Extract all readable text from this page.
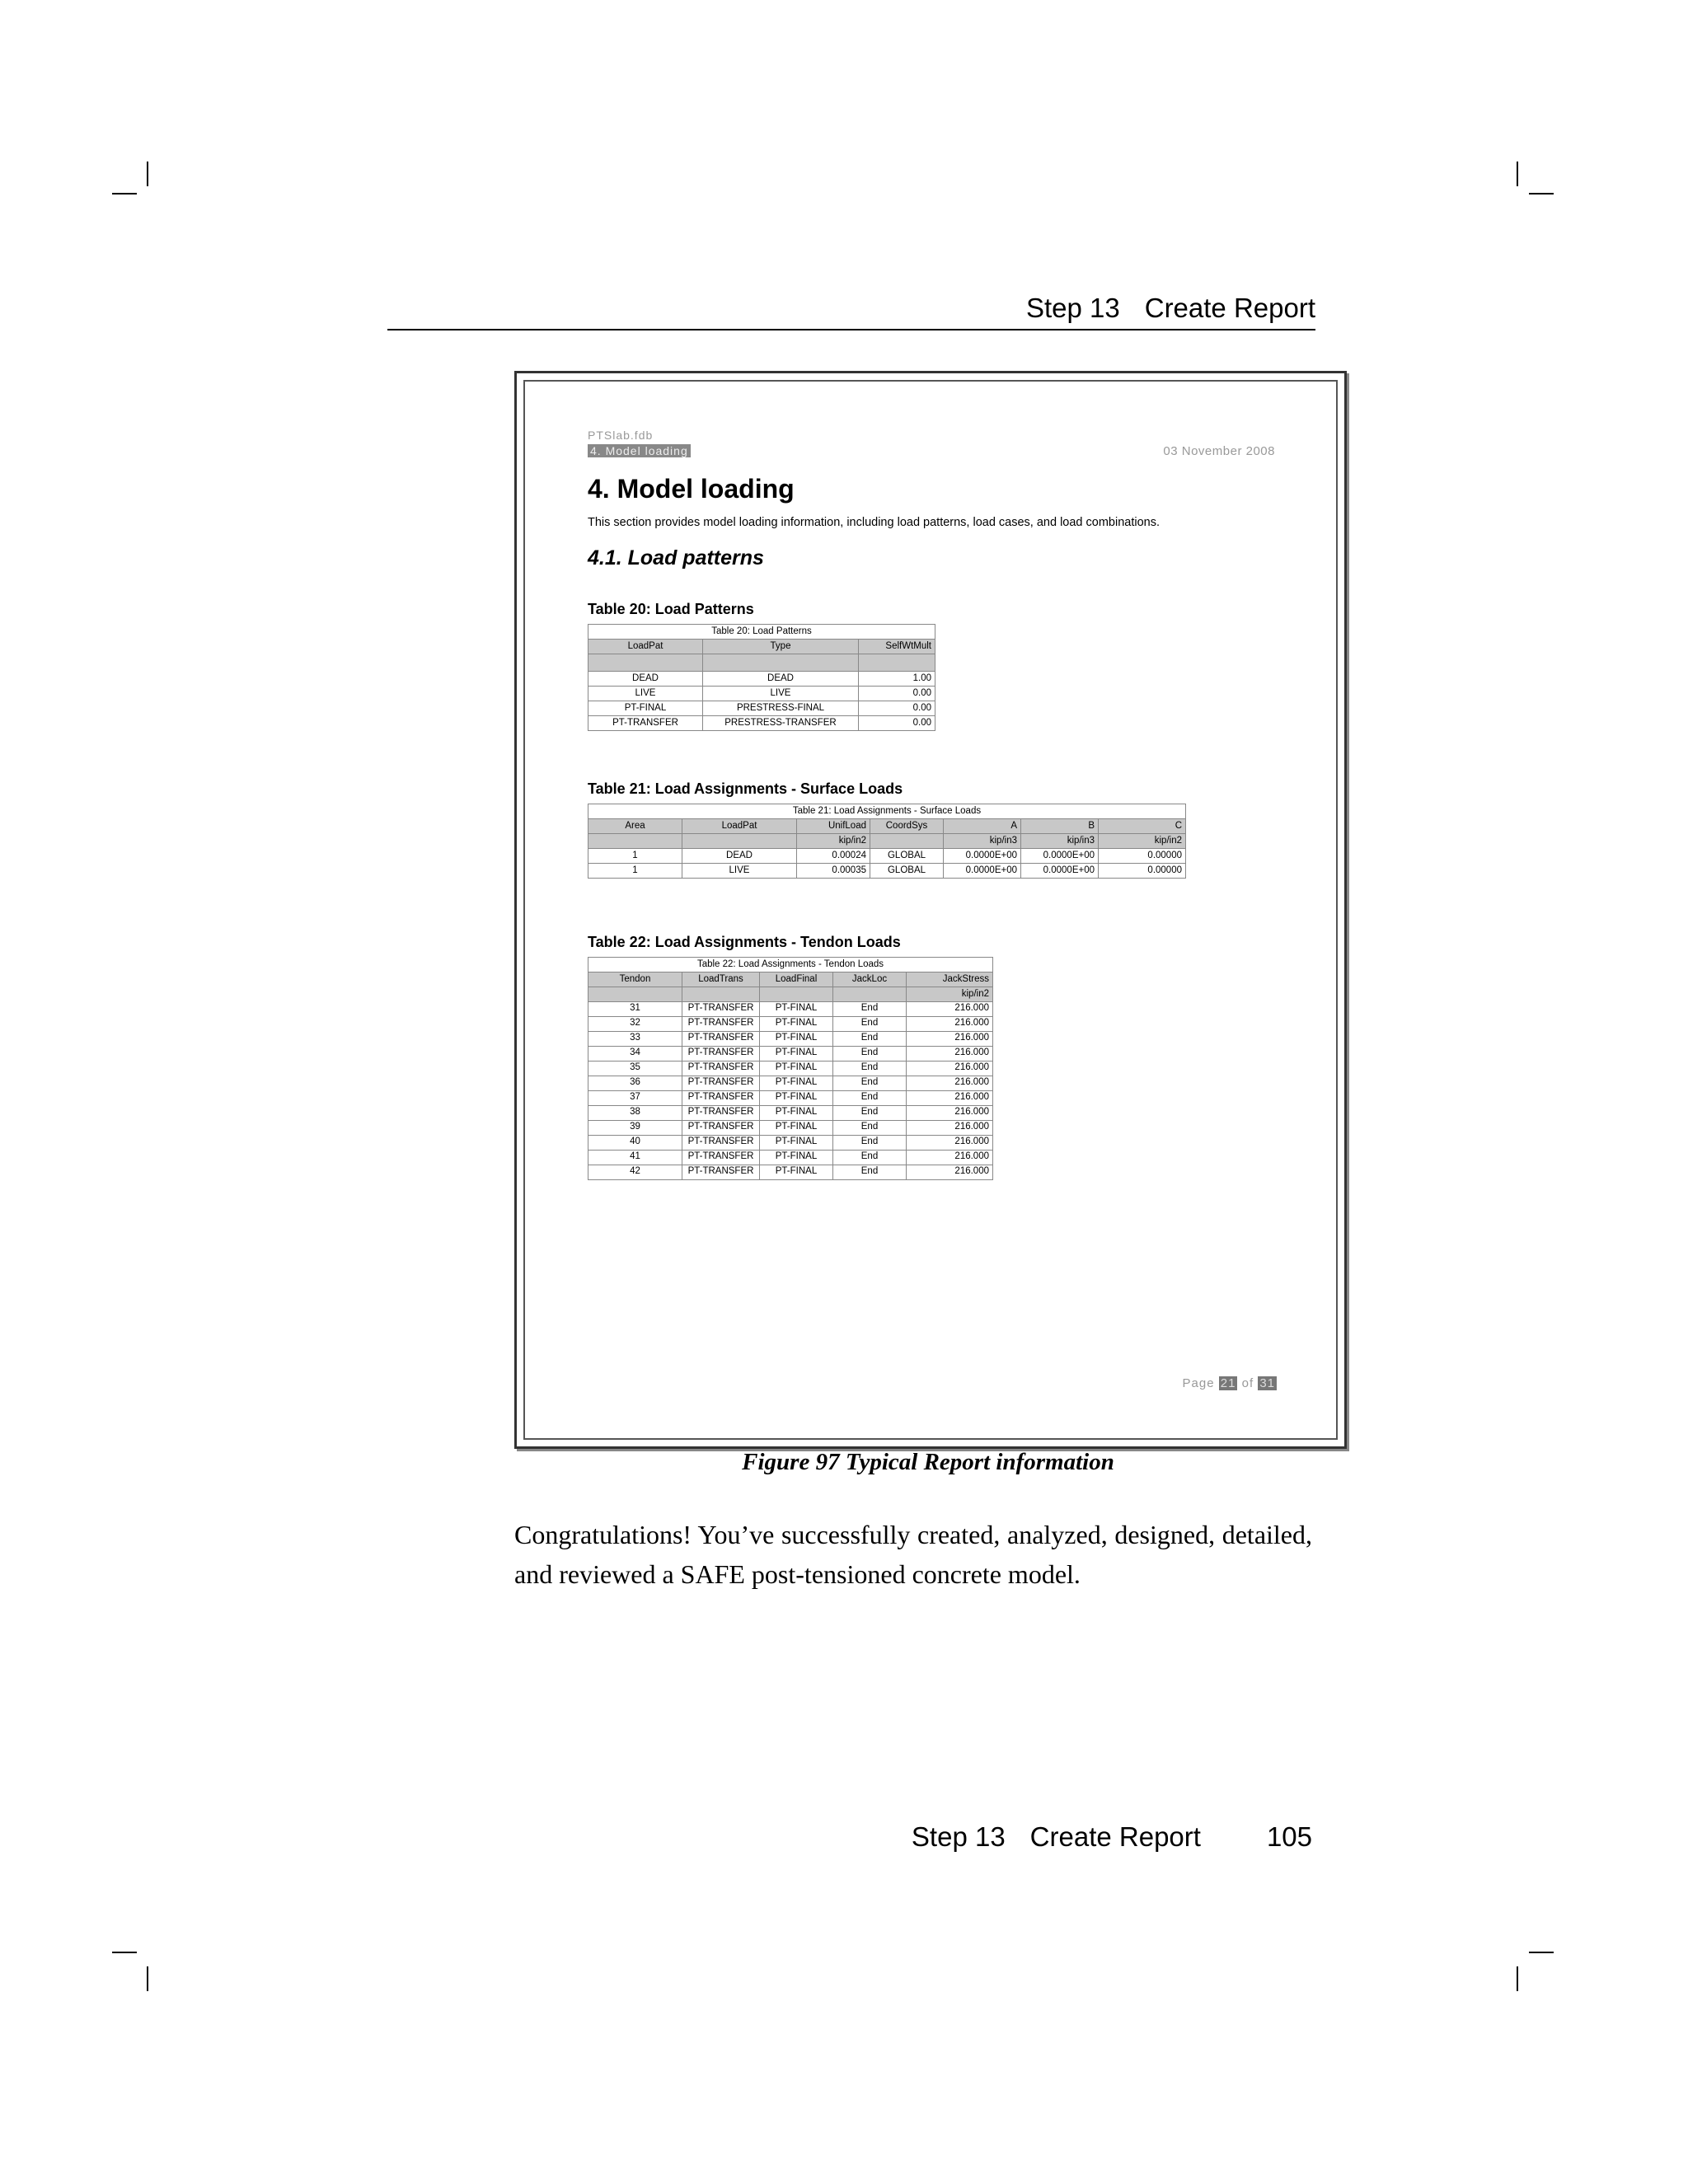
Step 13 Create Report
PTSlab.fdb
4. Model loading	03 November 2008
4. Model loading
This section provides model loading information, including load patterns, load cases, and load combinations.
4.1. Load patterns
Table 20: Load Patterns
Table 20: Load Patterns		
LoadPat	Type	SelfWtMult

DEAD	DEAD	1.00
LIVE	LIVE	0.00
PT-FINAL	PRESTRESS-FINAL	0.00
PT-TRANSFER	PRESTRESS-TRANSFER	0.00
Table 21: Load Assignments - Surface Loads
Table 21: Load Assignments - Surface Loads						
Area	LoadPat	UnifLoad	CoordSys	A	B	C
		kip/in2		kip/in3	kip/in3	kip/in2
1	DEAD	0.00024	GLOBAL	0.0000E+00	0.0000E+00	0.00000
1	LIVE	0.00035	GLOBAL	0.0000E+00	0.0000E+00	0.00000
Table 22: Load Assignments - Tendon Loads
Table 22: Load Assignments - Tendon Loads				
Tendon	LoadTrans	LoadFinal	JackLoc	JackStress
				kip/in2
31	PT-TRANSFER	PT-FINAL	End	216.000
32	PT-TRANSFER	PT-FINAL	End	216.000
33	PT-TRANSFER	PT-FINAL	End	216.000
34	PT-TRANSFER	PT-FINAL	End	216.000
35	PT-TRANSFER	PT-FINAL	End	216.000
36	PT-TRANSFER	PT-FINAL	End	216.000
37	PT-TRANSFER	PT-FINAL	End	216.000
38	PT-TRANSFER	PT-FINAL	End	216.000
39	PT-TRANSFER	PT-FINAL	End	216.000
40	PT-TRANSFER	PT-FINAL	End	216.000
41	PT-TRANSFER	PT-FINAL	End	216.000
42	PT-TRANSFER	PT-FINAL	End	216.000
Page 21 of 31
Figure 97 Typical Report information
Congratulations! You’ve successfully created, analyzed, designed, detailed, and reviewed a SAFE post-tensioned concrete model.
Step 13 Create Report 105
